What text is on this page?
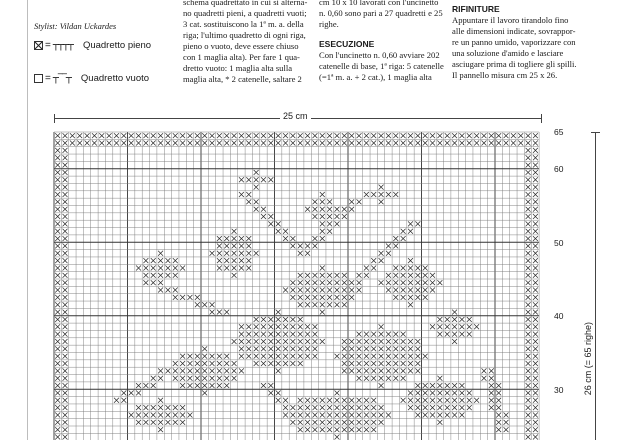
Stylist: Vildan Uckardes
= ┬┬┬┬ Quadretto pieno
= ┬‾‾┬ Quadretto vuoto

schema quadrettato in cui si alterna-

no quadretti pieni, a quadretti vuoti;

3 cat. sostituiscono la 1ª m. a. della

riga; l'ultimo quadretto di ogni riga,

pieno o vuoto, deve essere chiuso

con 1 maglia alta). Per fare 1 qua-

dretto vuoto: 1 maglia alta sulla

maglia alta, * 2 catenelle, saltare 2

cm 10 x 10 lavorati con l'uncinetto

n. 0,60 sono pari a 27 quadretti e 25

righe.

ESECUZIONE

Con l'uncinetto n. 0,60 avviare 202

catenelle di base, 1ª riga: 5 catenelle

(=1ª m. a. + 2 cat.), 1 maglia alta

RIFINITURE

Appuntare il lavoro tirandolo fino

alle dimensioni indicate, sovrappor-

re un panno umido, vaporizzare con

una soluzione d'amido e lasciare

asciugare prima di togliere gli spilli.

Il pannello misura cm 25 x 26.

25 cm
26 cm (= 65 righe)
65
60
50
40
30
